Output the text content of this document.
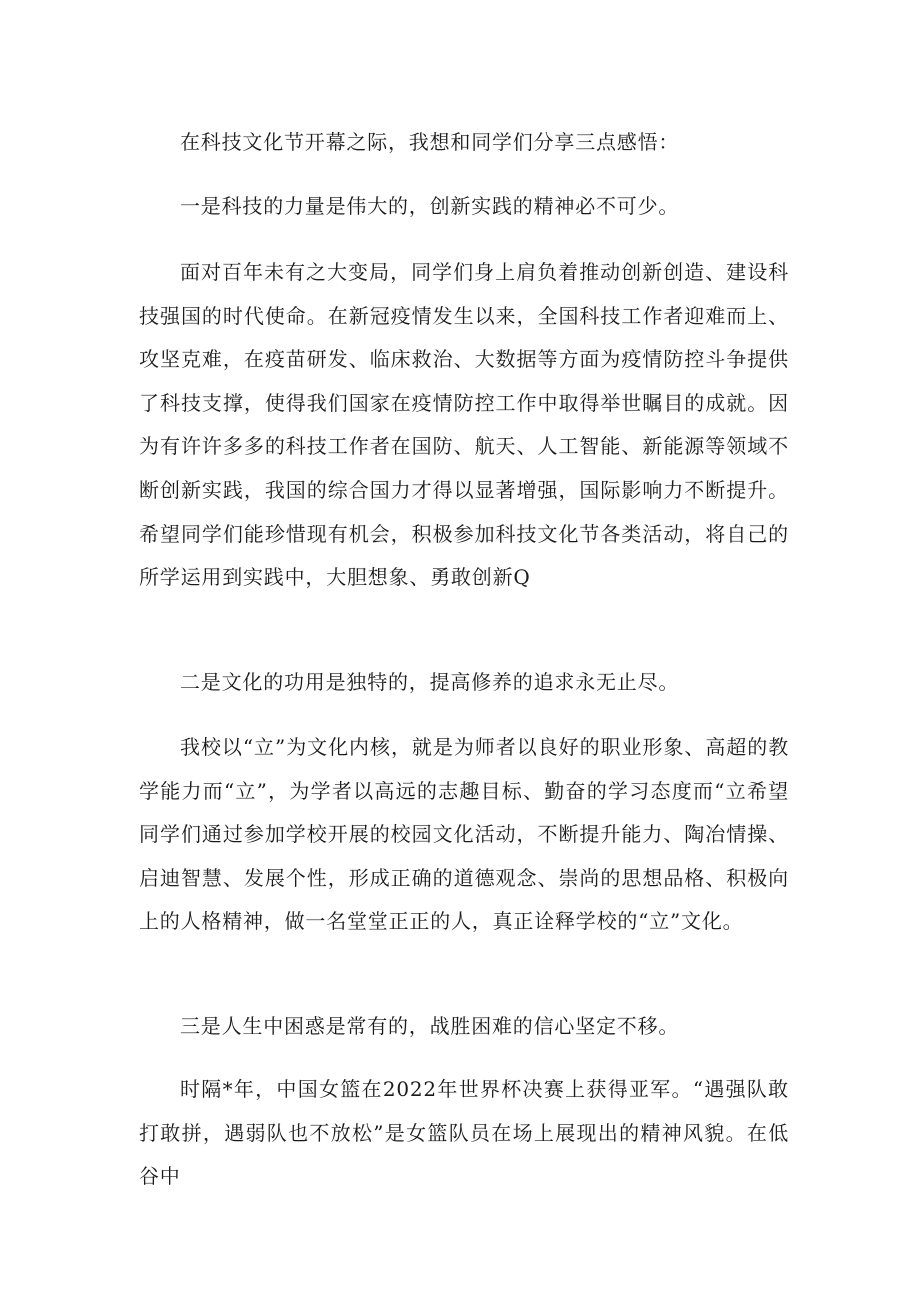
在科技文化节开幕之际，我想和同学们分享三点感悟：

一是科技的力量是伟大的，创新实践的精神必不可少。

面对百年未有之大变局，同学们身上肩负着推动创新创造、建设科技强国的时代使命。在新冠疫情发生以来，全国科技工作者迎难而上、攻坚克难，在疫苗研发、临床救治、大数据等方面为疫情防控斗争提供了科技支撑，使得我们国家在疫情防控工作中取得举世瞩目的成就。因为有许许多多的科技工作者在国防、航天、人工智能、新能源等领域不断创新实践，我国的综合国力才得以显著增强，国际影响力不断提升。希望同学们能珍惜现有机会，积极参加科技文化节各类活动，将自己的所学运用到实践中，大胆想象、勇敢创新Q

二是文化的功用是独特的，提高修养的追求永无止尽。

我校以“立”为文化内核，就是为师者以良好的职业形象、高超的教学能力而“立”，为学者以高远的志趣目标、勤奋的学习态度而“立希望同学们通过参加学校开展的校园文化活动，不断提升能力、陶冶情操、启迪智慧、发展个性，形成正确的道德观念、崇尚的思想品格、积极向上的人格精神，做一名堂堂正正的人，真正诠释学校的“立”文化。

三是人生中困惑是常有的，战胜困难的信心坚定不移。

时隔*年，中国女篮在2022年世界杯决赛上获得亚军。“遇强队敢打敢拼，遇弱队也不放松”是女篮队员在场上展现出的精神风貌。在低谷中
